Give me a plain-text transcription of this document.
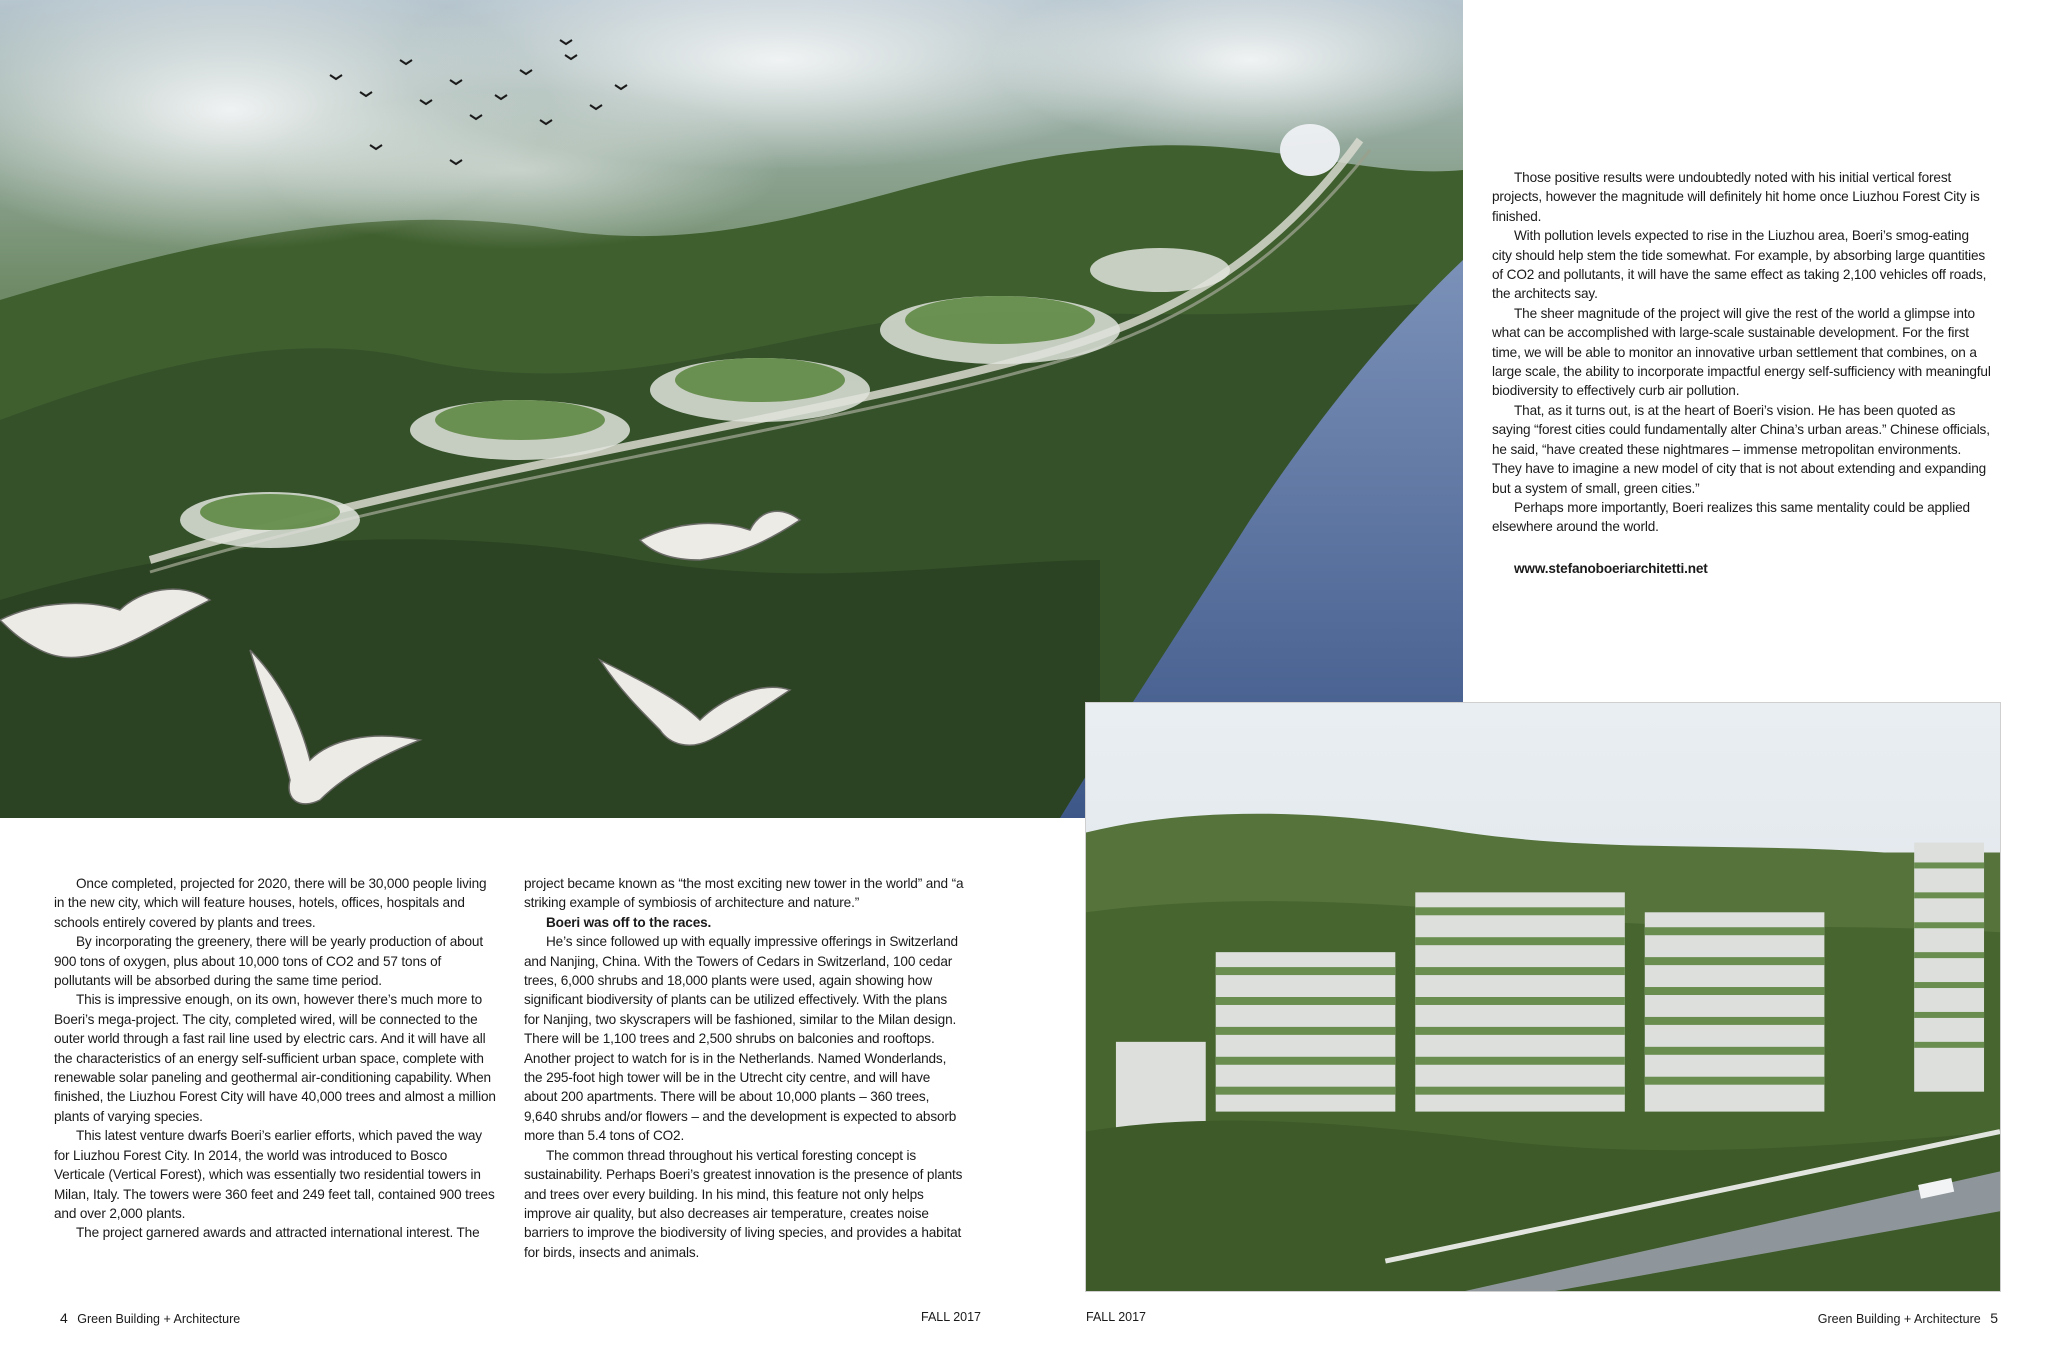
Those positive results were undoubtedly noted with his initial vertical forest projects, however the magnitude will definitely hit home once Liuzhou Forest City is finished.

With pollution levels expected to rise in the Liuzhou area, Boeri’s smog-eating city should help stem the tide somewhat. For example, by absorbing large quantities of CO2 and pollutants, it will have the same effect as taking 2,100 vehicles off roads, the architects say.

The sheer magnitude of the project will give the rest of the world a glimpse into what can be accomplished with large-scale sustainable development. For the first time, we will be able to monitor an innovative urban settlement that combines, on a large scale, the ability to incorporate impactful energy self-sufficiency with meaningful biodiversity to effectively curb air pollution.

That, as it turns out, is at the heart of Boeri’s vision. He has been quoted as saying “forest cities could fundamentally alter China’s urban areas.” Chinese officials, he said, “have created these nightmares – immense metropolitan environments. They have to imagine a new model of city that is not about extending and expanding but a system of small, green cities.”

Perhaps more importantly, Boeri realizes this same mentality could be applied elsewhere around the world.

www.stefanoboeriarchitetti.net

Once completed, projected for 2020, there will be 30,000 people living in the new city, which will feature houses, hotels, offices, hospitals and schools entirely covered by plants and trees.

By incorporating the greenery, there will be yearly production of about 900 tons of oxygen, plus about 10,000 tons of CO2 and 57 tons of pollutants will be absorbed during the same time period.

This is impressive enough, on its own, however there’s much more to Boeri’s mega-project. The city, completed wired, will be connected to the outer world through a fast rail line used by electric cars. And it will have all the characteristics of an energy self-sufficient urban space, complete with renewable solar paneling and geothermal air-conditioning capability. When finished, the Liuzhou Forest City will have 40,000 trees and almost a million plants of varying species.

This latest venture dwarfs Boeri’s earlier efforts, which paved the way for Liuzhou Forest City. In 2014, the world was introduced to Bosco Verticale (Vertical Forest), which was essentially two residential towers in Milan, Italy. The towers were 360 feet and 249 feet tall, contained 900 trees and over 2,000 plants.

The project garnered awards and attracted international interest. The

project became known as “the most exciting new tower in the world” and “a striking example of symbiosis of architecture and nature.”

Boeri was off to the races.

He’s since followed up with equally impressive offerings in Switzerland and Nanjing, China. With the Towers of Cedars in Switzerland, 100 cedar trees, 6,000 shrubs and 18,000 plants were used, again showing how significant biodiversity of plants can be utilized effectively. With the plans for Nanjing, two skyscrapers will be fashioned, similar to the Milan design. There will be 1,100 trees and 2,500 shrubs on balconies and rooftops. Another project to watch for is in the Netherlands. Named Wonderlands, the 295-foot high tower will be in the Utrecht city centre, and will have about 200 apartments. There will be about 10,000 plants – 360 trees, 9,640 shrubs and/or flowers – and the development is expected to absorb more than 5.4 tons of CO2.

The common thread throughout his vertical foresting concept is sustainability. Perhaps Boeri’s greatest innovation is the presence of plants and trees over every building. In his mind, this feature not only helps improve air quality, but also decreases air temperature, creates noise barriers to improve the biodiversity of living species, and provides a habitat for birds, insects and animals.

4 Green Building + Architecture	FALL 2017	FALL 2017	Green Building + Architecture 5
